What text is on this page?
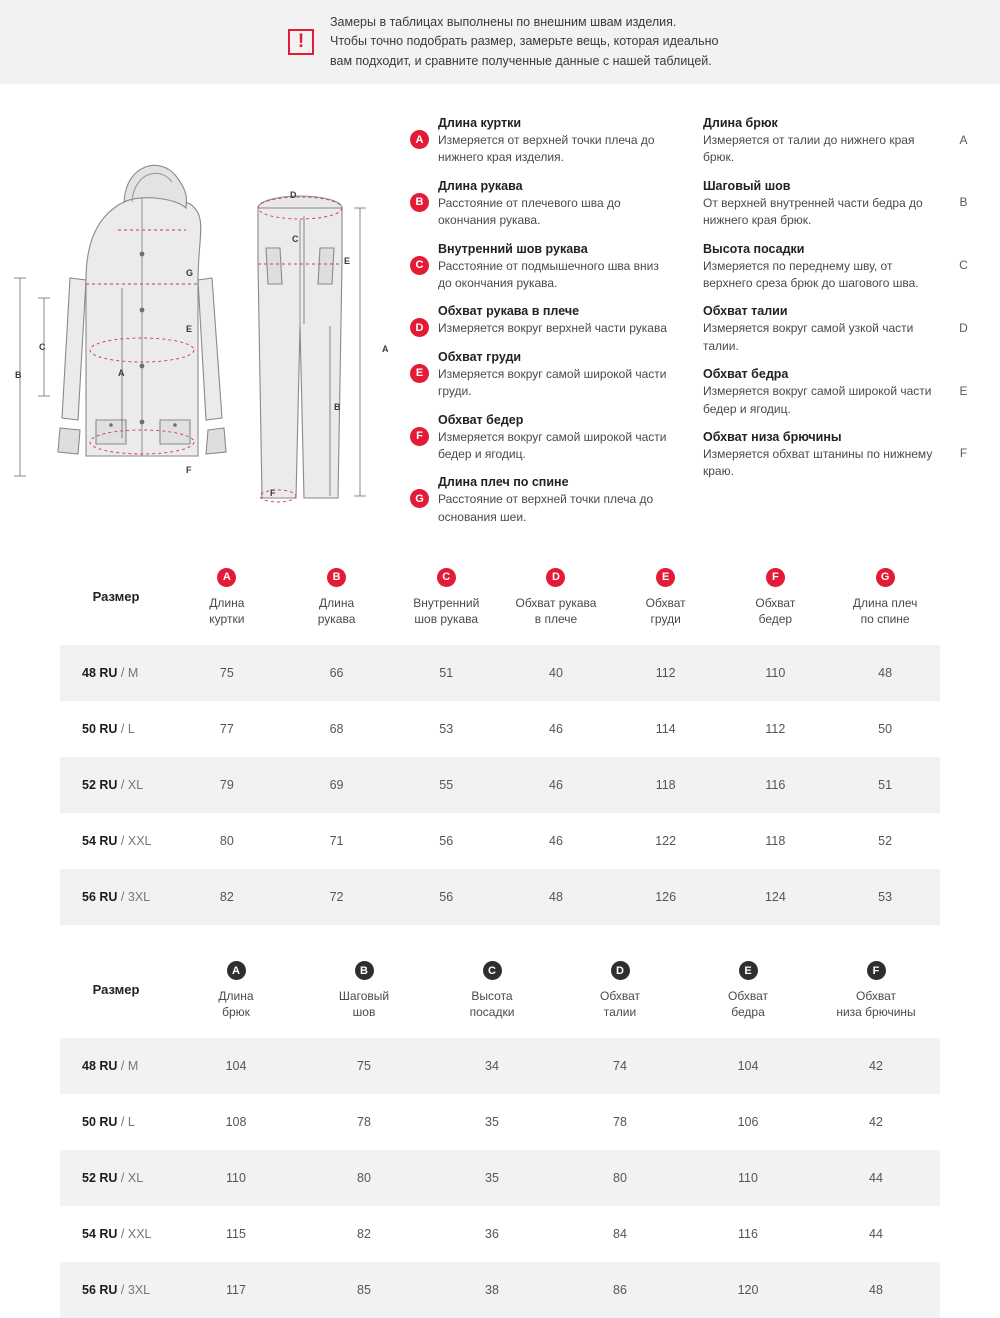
!
Замеры в таблицах выполнены по внешним швам изделия.
Чтобы точно подобрать размер, замерьте вещь, которая идеально
вам подходит, и сравните полученные данные с нашей таблицей.
B
C
A
G
E
F
D
C
E
A
B
F
A
Длина куртки
Измеряется от верхней точки плеча до нижнего края изделия.
B
Длина рукава
Расстояние от плечевого шва до окончания рукава.
C
Внутренний шов рукава
Расстояние от подмышечного шва вниз до окончания рукава.
D
Обхват рукава в плече
Измеряется вокруг верхней части рукава
E
Обхват груди
Измеряется вокруг самой широкой части груди.
F
Обхват бедер
Измеряется вокруг самой широкой части бедер и ягодиц.
G
Длина плеч по спине
Расстояние от верхней точки плеча до основания шеи.
A
Длина брюк
Измеряется от талии до нижнего края брюк.
B
Шаговый шов
От верхней внутренней части бедра до нижнего края брюк.
C
Высота посадки
Измеряется по переднему шву, от верхнего среза брюк до шагового шва.
D
Обхват талии
Измеряется вокруг самой узкой части талии.
E
Обхват бедра
Измеряется вокруг самой широкой части бедер и ягодиц.
F
Обхват низа брючины
Измеряется обхват штанины по нижнему краю.
Размер	A
Длина
куртки
	B
Длина
рукава
	C
Внутренний
шов рукава
	D
Обхват рукава
в плече
	E
Обхват
груди
	F
Обхват
бедер
	G
Длина плеч
по спине

48 RU / M	75	66	51	40	112	110	48
50 RU / L	77	68	53	46	114	112	50
52 RU / XL	79	69	55	46	118	116	51
54 RU / XXL	80	71	56	46	122	118	52
56 RU / 3XL	82	72	56	48	126	124	53
Размер	A
Длина
брюк
	B
Шаговый
шов
	C
Высота
посадки
	D
Обхват
талии
	E
Обхват
бедра
	F
Обхват
низа брючины

48 RU / M	104	75	34	74	104	42
50 RU / L	108	78	35	78	106	42
52 RU / XL	110	80	35	80	110	44
54 RU / XXL	115	82	36	84	116	44
56 RU / 3XL	117	85	38	86	120	48
